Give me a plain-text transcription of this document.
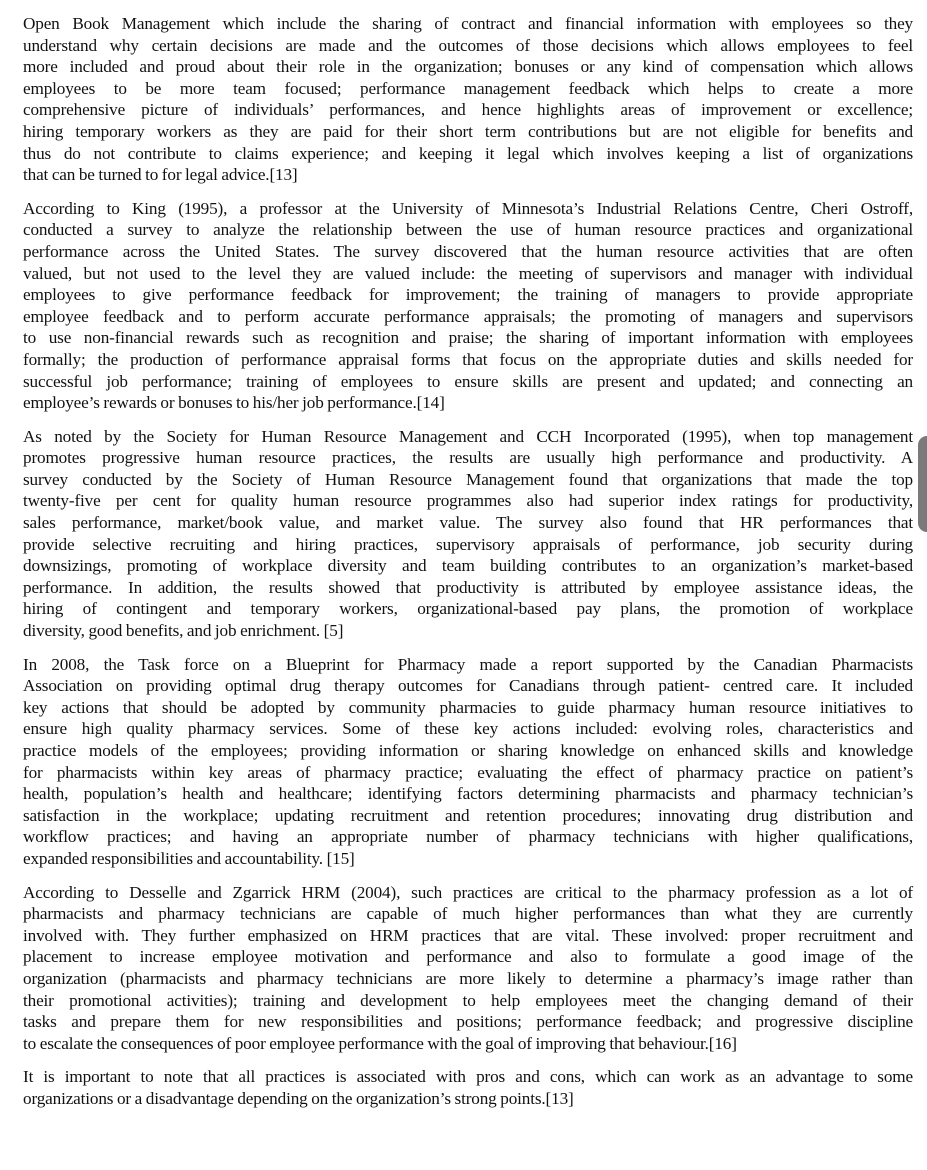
Open Book Management which include the sharing of contract and financial information with employees so they
understand why certain decisions are made and the outcomes of those decisions which allows employees to feel
more included and proud about their role in the organization; bonuses or any kind of compensation which allows
employees to be more team focused; performance management feedback which helps to create a more
comprehensive picture of individuals’ performances, and hence highlights areas of improvement or excellence;
hiring temporary workers as they are paid for their short term contributions but are not eligible for benefits and
thus do not contribute to claims experience; and keeping it legal which involves keeping a list of organizations
that can be turned to for legal advice.[13]

According to King (1995), a professor at the University of Minnesota’s Industrial Relations Centre, Cheri Ostroff,
conducted a survey to analyze the relationship between the use of human resource practices and organizational
performance across the United States. The survey discovered that the human resource activities that are often
valued, but not used to the level they are valued include: the meeting of supervisors and manager with individual
employees to give performance feedback for improvement; the training of managers to provide appropriate
employee feedback and to perform accurate performance appraisals; the promoting of managers and supervisors
to use non-financial rewards such as recognition and praise; the sharing of important information with employees
formally; the production of performance appraisal forms that focus on the appropriate duties and skills needed for
successful job performance; training of employees to ensure skills are present and updated; and connecting an
employee’s rewards or bonuses to his/her job performance.[14]

As noted by the Society for Human Resource Management and CCH Incorporated (1995), when top management
promotes progressive human resource practices, the results are usually high performance and productivity. A
survey conducted by the Society of Human Resource Management found that organizations that made the top
twenty-five per cent for quality human resource programmes also had superior index ratings for productivity,
sales performance, market/book value, and market value. The survey also found that HR performances that
provide selective recruiting and hiring practices, supervisory appraisals of performance, job security during
downsizings, promoting of workplace diversity and team building contributes to an organization’s market-based
performance. In addition, the results showed that productivity is attributed by employee assistance ideas, the
hiring of contingent and temporary workers, organizational-based pay plans, the promotion of workplace
diversity, good benefits, and job enrichment. [5]

In 2008, the Task force on a Blueprint for Pharmacy made a report supported by the Canadian Pharmacists
Association on providing optimal drug therapy outcomes for Canadians through patient- centred care. It included
key actions that should be adopted by community pharmacies to guide pharmacy human resource initiatives to
ensure high quality pharmacy services. Some of these key actions included: evolving roles, characteristics and
practice models of the employees; providing information or sharing knowledge on enhanced skills and knowledge
for pharmacists within key areas of pharmacy practice; evaluating the effect of pharmacy practice on patient’s
health, population’s health and healthcare; identifying factors determining pharmacists and pharmacy technician’s
satisfaction in the workplace; updating recruitment and retention procedures; innovating drug distribution and
workflow practices; and having an appropriate number of pharmacy technicians with higher qualifications,
expanded responsibilities and accountability. [15]

According to Desselle and Zgarrick HRM (2004), such practices are critical to the pharmacy profession as a lot of
pharmacists and pharmacy technicians are capable of much higher performances than what they are currently
involved with. They further emphasized on HRM practices that are vital. These involved: proper recruitment and
placement to increase employee motivation and performance and also to formulate a good image of the
organization (pharmacists and pharmacy technicians are more likely to determine a pharmacy’s image rather than
their promotional activities); training and development to help employees meet the changing demand of their
tasks and prepare them for new responsibilities and positions; performance feedback; and progressive discipline
to escalate the consequences of poor employee performance with the goal of improving that behaviour.[16]

It is important to note that all practices is associated with pros and cons, which can work as an advantage to some
organizations or a disadvantage depending on the organization’s strong points.[13]
